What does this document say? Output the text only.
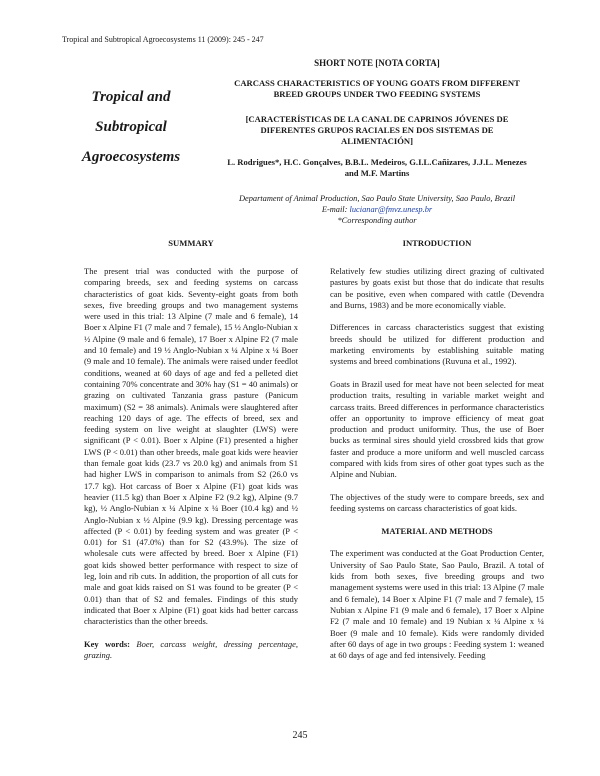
Tropical and Subtropical Agroecosystems 11 (2009): 245 - 247
Tropical and
Subtropical
Agroecosystems
SHORT NOTE [NOTA CORTA]
CARCASS CHARACTERISTICS OF YOUNG GOATS FROM DIFFERENT
BREED GROUPS UNDER TWO FEEDING SYSTEMS
[CARACTERÍSTICAS DE LA CANAL DE CAPRINOS JÓVENES DE
DIFERENTES GRUPOS RACIALES EN DOS SISTEMAS DE
ALIMENTACIÓN]
L. Rodrigues*, H.C. Gonçalves, B.B.L. Medeiros, G.I.L.Cañizares, J.J.L. Menezes
and M.F. Martins
Departament of Animal Production, Sao Paulo State University, Sao Paulo, Brazil
E-mail: lucianar@fmvz.unesp.br
*Corresponding author
SUMMARY	INTRODUCTION

The present trial was conducted with the purpose of comparing breeds, sex and feeding systems on carcass characteristics of goat kids. Seventy-eight goats from both sexes, five breeding groups and two management systems were used in this trial: 13 Alpine (7 male and 6 female), 14 Boer x Alpine F1 (7 male and 7 female), 15 ½ Anglo-Nubian x ½ Alpine (9 male and 6 female), 17 Boer x Alpine F2 (7 male and 10 female) and 19 ½ Anglo-Nubian x ¼ Alpine x ¼ Boer (9 male and 10 female). The animals were raised under feedlot conditions, weaned at 60 days of age and fed a pelleted diet containing 70% concentrate and 30% hay (S1 = 40 animals) or grazing on cultivated Tanzania grass pasture (Panicum maximum) (S2 = 38 animals). Animals were slaughtered after reaching 120 days of age. The effects of breed, sex and feeding system on live weight at slaughter (LWS) were significant (P < 0.01). Boer x Alpine (F1) presented a higher LWS (P < 0.01) than other breeds, male goat kids were heavier than female goat kids (23.7 vs 20.0 kg) and animals from S1 had higher LWS in comparison to animals from S2 (26.0 vs 17.7 kg). Hot carcass of Boer x Alpine (F1) goat kids was heavier (11.5 kg) than Boer x Alpine F2 (9.2 kg), Alpine (9.7 kg), ½ Anglo-Nubian x ¼ Alpine x ¼ Boer (10.4 kg) and ½ Anglo-Nubian x ½ Alpine (9.9 kg). Dressing percentage was affected (P < 0.01) by feeding system and was greater (P < 0.01) for S1 (47.0%) than for S2 (43.9%). The size of wholesale cuts were affected by breed. Boer x Alpine (F1) goat kids showed better performance with respect to size of leg, loin and rib cuts. In addition, the proportion of all cuts for male and goat kids raised on S1 was found to be greater (P < 0.01) than that of S2 and females. Findings of this study indicated that Boer x Alpine (F1) goat kids had better carcass characteristics than the other breeds.

Key words: Boer, carcass weight, dressing percentage, grazing.

Relatively few studies utilizing direct grazing of cultivated pastures by goats exist but those that do indicate that results can be positive, even when compared with cattle (Devendra and Burns, 1983) and be more economically viable.

Differences in carcass characteristics suggest that existing breeds should be utilized for different production and marketing enviroments by establishing suitable mating systems and breed combinations (Ruvuna et al., 1992).

Goats in Brazil used for meat have not been selected for meat production traits, resulting in variable market weight and carcass traits. Breed differences in performance characteristics offer an opportunity to improve efficiency of meat goat production and product uniformity. Thus, the use of Boer bucks as terminal sires should yield crossbred kids that grow faster and produce a more uniform and well muscled carcass compared with kids from sires of other goat types such as the Alpine and Nubian.

The objectives of the study were to compare breeds, sex and feeding systems on carcass characteristics of goat kids.

MATERIAL AND METHODS

The experiment was conducted at the Goat Production Center, University of Sao Paulo State, Sao Paulo, Brazil. A total of kids from both sexes, five breeding groups and two management systems were used in this trial: 13 Alpine (7 male and 6 female), 14 Boer x Alpine F1 (7 male and 7 female), 15 Nubian x Alpine F1 (9 male and 6 female), 17 Boer x Alpine F2 (7 male and 10 female) and 19 Nubian x ¼ Alpine x ¼ Boer (9 male and 10 female). Kids were randomly divided after 60 days of age in two groups : Feeding system 1: weaned at 60 days of age and fed intensively. Feeding

245
